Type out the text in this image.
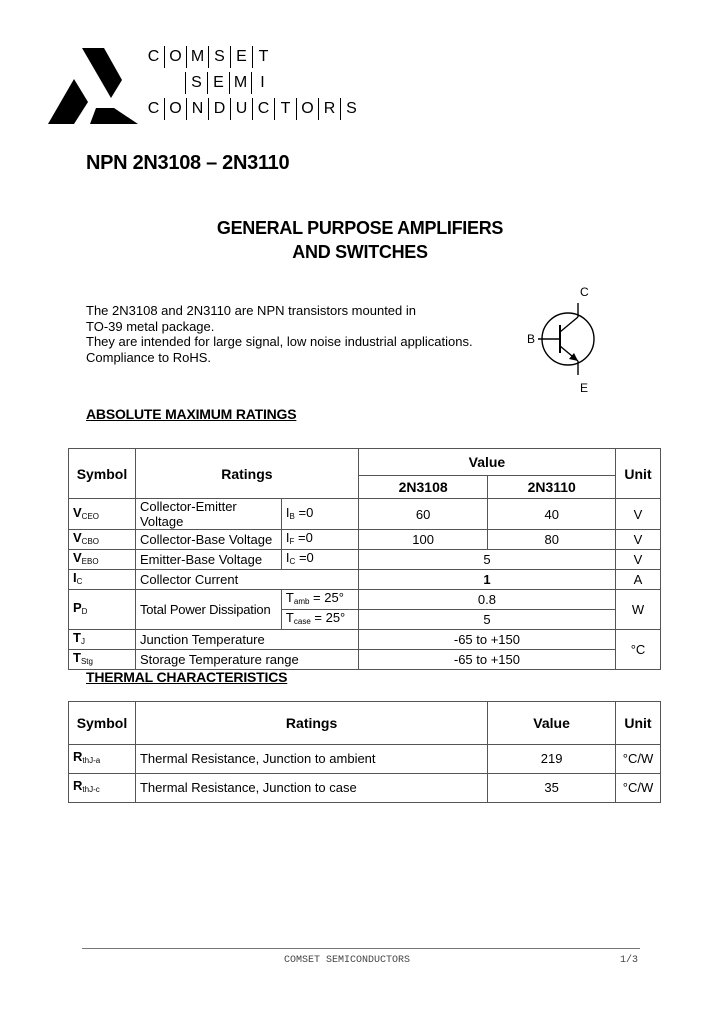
C O M S E T
S E M I
C O N D U C T O R S
NPN 2N3108 – 2N3110
GENERAL PURPOSE AMPLIFIERS
AND SWITCHES
The 2N3108 and 2N3110 are NPN transistors mounted in
TO-39 metal package.
They are intended for large signal, low noise industrial applications.
Compliance to RoHS.
C
B
E
ABSOLUTE MAXIMUM RATINGS
Symbol	Ratings		Value		Unit
			2N3108	2N3110	
$V_{CEO}$	Collector-Emitter
Voltage	$I_B =0$	60	40	V
$V_{CBO}$	Collector-Base Voltage	$I_F =0$	100	80	V
$V_{EBO}$	Emitter-Base Voltage	$I_C =0$	5		V
$I_C$	Collector Current		1		A
$P_D$	Total Power Dissipation	$T_{amb} = 25^\circ$	0.8		W
		$T_{case} = 25^\circ$	5		
$T_J$	Junction Temperature		-65 to +150		°C
$T_{Stg}$	Storage Temperature range		-65 to +150		
THERMAL CHARACTERISTICS
Symbol	Ratings	Value	Unit
$R_{thJ-a}$	Thermal Resistance, Junction to ambient	219	°C/W
$R_{thJ-c}$	Thermal Resistance, Junction to case	35	°C/W
COMSET SEMICONDUCTORS	1/3
